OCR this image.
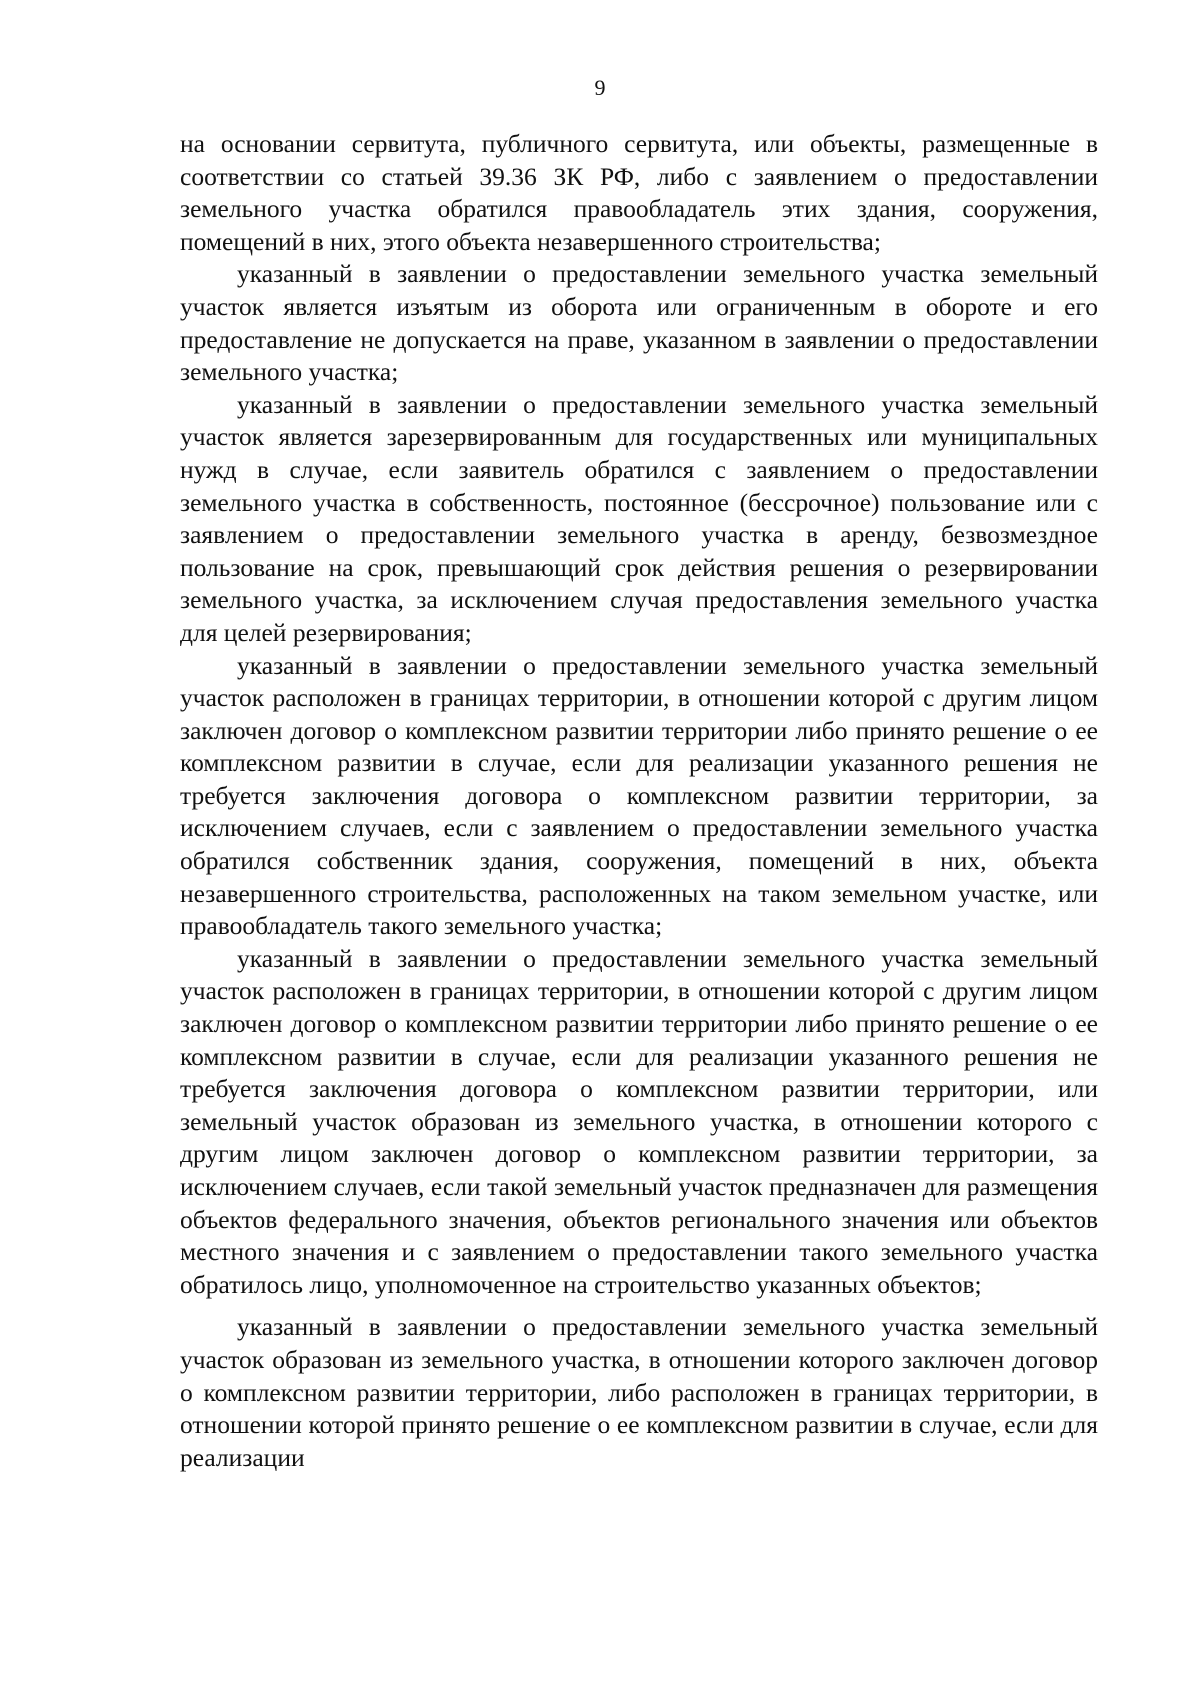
9

на основании сервитута, публичного сервитута, или объекты, размещенные в соответствии со статьей 39.36 ЗК РФ, либо с заявлением о предоставлении земельного участка обратился правообладатель этих здания, сооружения, помещений в них, этого объекта незавершенного строительства;

указанный в заявлении о предоставлении земельного участка земельный участок является изъятым из оборота или ограниченным в обороте и его предоставление не допускается на праве, указанном в заявлении о предоставлении земельного участка;

указанный в заявлении о предоставлении земельного участка земельный участок является зарезервированным для государственных или муниципальных нужд в случае, если заявитель обратился с заявлением о предоставлении земельного участка в собственность, постоянное (бессрочное) пользование или с заявлением о предоставлении земельного участка в аренду, безвозмездное пользование на срок, превышающий срок действия решения о резервировании земельного участка, за исключением случая предоставления земельного участка для целей резервирования;

указанный в заявлении о предоставлении земельного участка земельный участок расположен в границах территории, в отношении которой с другим лицом заключен договор о комплексном развитии территории либо принято решение о ее комплексном развитии в случае, если для реализации указанного решения не требуется заключения договора о комплексном развитии территории, за исключением случаев, если с заявлением о предоставлении земельного участка обратился собственник здания, сооружения, помещений в них, объекта незавершенного строительства, расположенных на таком земельном участке, или правообладатель такого земельного участка;

указанный в заявлении о предоставлении земельного участка земельный участок расположен в границах территории, в отношении которой с другим лицом заключен договор о комплексном развитии территории либо принято решение о ее комплексном развитии в случае, если для реализации указанного решения не требуется заключения договора о комплексном развитии территории, или земельный участок образован из земельного участка, в отношении которого с другим лицом заключен договор о комплексном развитии территории, за исключением случаев, если такой земельный участок предназначен для размещения объектов федерального значения, объектов регионального значения или объектов местного значения и с заявлением о предоставлении такого земельного участка обратилось лицо, уполномоченное на строительство указанных объектов;

указанный в заявлении о предоставлении земельного участка земельный участок образован из земельного участка, в отношении которого заключен договор о комплексном развитии территории, либо расположен в границах территории, в отношении которой принято решение о ее комплексном развитии в случае, если для реализации
